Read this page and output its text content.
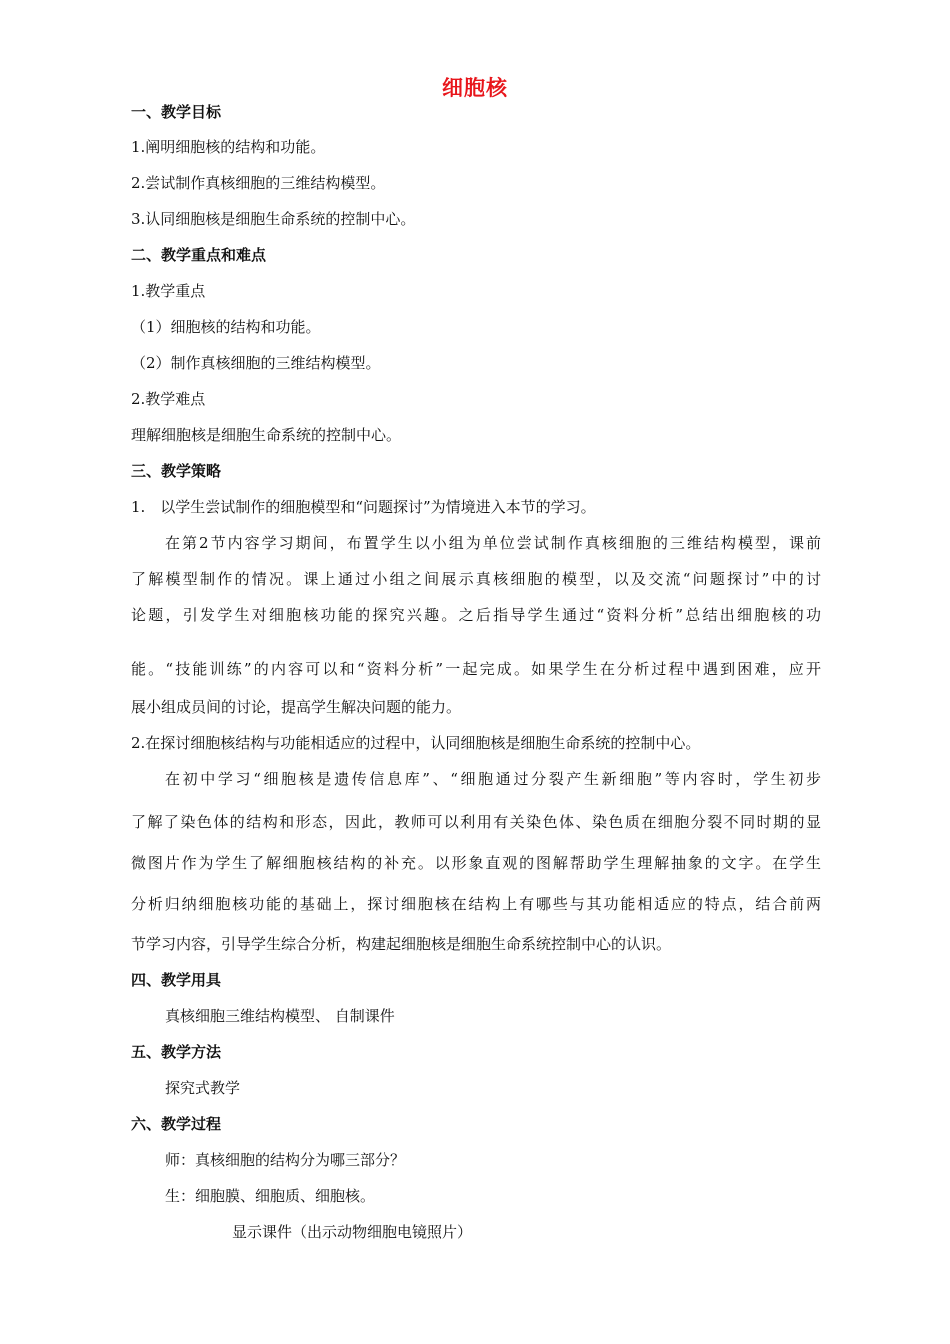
细胞核
一、教学目标
1.阐明细胞核的结构和功能。
2.尝试制作真核细胞的三维结构模型。
3.认同细胞核是细胞生命系统的控制中心。
二、教学重点和难点
1.教学重点
（1）细胞核的结构和功能。
（2）制作真核细胞的三维结构模型。
2.教学难点
理解细胞核是细胞生命系统的控制中心。
三、教学策略
1.　以学生尝试制作的细胞模型和“问题探讨”为情境进入本节的学习。
在第2节内容学习期间，布置学生以小组为单位尝试制作真核细胞的三维结构模型，课前
了解模型制作的情况。课上通过小组之间展示真核细胞的模型，以及交流“问题探讨”中的讨
论题，引发学生对细胞核功能的探究兴趣。之后指导学生通过“资料分析”总结出细胞核的功
能。“技能训练”的内容可以和“资料分析”一起完成。如果学生在分析过程中遇到困难，应开
展小组成员间的讨论，提高学生解决问题的能力。
2.在探讨细胞核结构与功能相适应的过程中，认同细胞核是细胞生命系统的控制中心。
在初中学习“细胞核是遗传信息库”、“细胞通过分裂产生新细胞”等内容时，学生初步
了解了染色体的结构和形态，因此，教师可以利用有关染色体、染色质在细胞分裂不同时期的显
微图片作为学生了解细胞核结构的补充。以形象直观的图解帮助学生理解抽象的文字。在学生
分析归纳细胞核功能的基础上，探讨细胞核在结构上有哪些与其功能相适应的特点，结合前两
节学习内容，引导学生综合分析，构建起细胞核是细胞生命系统控制中心的认识。
四、教学用具
真核细胞三维结构模型、 自制课件
五、教学方法
探究式教学
六、教学过程
师：真核细胞的结构分为哪三部分？
生：细胞膜、细胞质、细胞核。
显示课件（出示动物细胞电镜照片）
